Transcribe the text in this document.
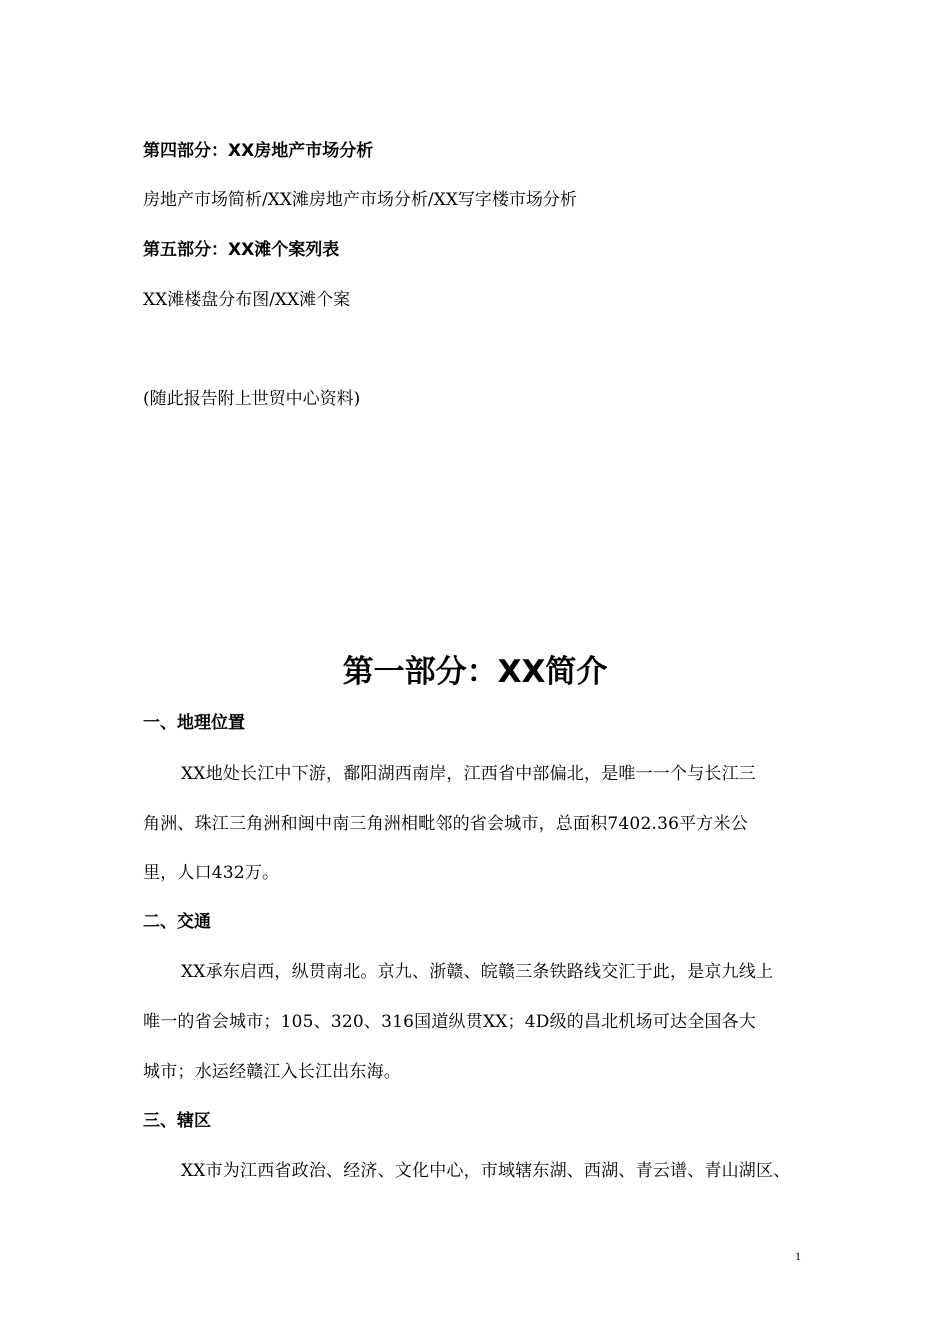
第四部分：XX房地产市场分析
房地产市场简析/XX滩房地产市场分析/XX写字楼市场分析
第五部分：XX滩个案列表
XX滩楼盘分布图/XX滩个案
(随此报告附上世贸中心资料)
第一部分：XX简介
一、地理位置
XX地处长江中下游，鄱阳湖西南岸，江西省中部偏北，是唯一一个与长江三
角洲、珠江三角洲和闽中南三角洲相毗邻的省会城市，总面积7402.36平方米公
里，人口432万。
二、交通
XX承东启西，纵贯南北。京九、浙赣、皖赣三条铁路线交汇于此，是京九线上
唯一的省会城市；105、320、316国道纵贯XX；4D级的昌北机场可达全国各大
城市；水运经赣江入长江出东海。
三、辖区
XX市为江西省政治、经济、文化中心，市域辖东湖、西湖、青云谱、青山湖区、
1
